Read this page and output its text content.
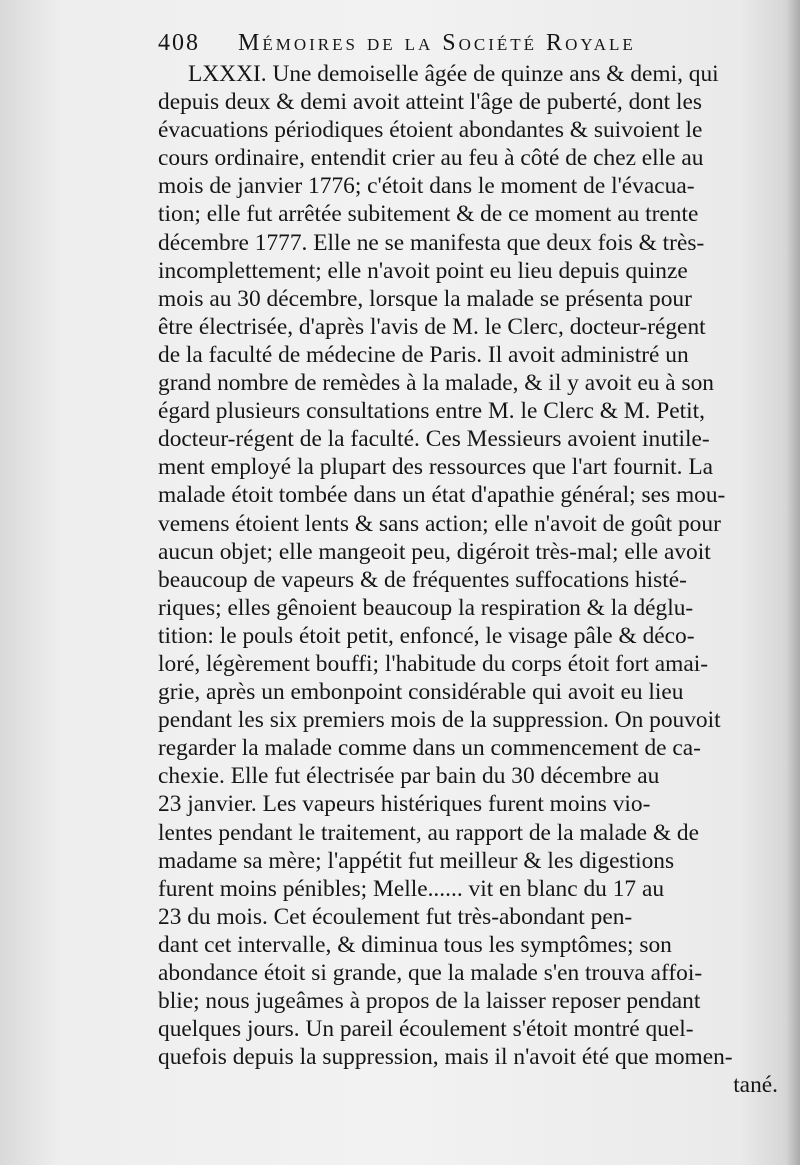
408 Mémoires de la Société Royale
LXXXI. Une demoiselle âgée de quinze ans & demi, qui
depuis deux & demi avoit atteint l'âge de puberté, dont les
évacuations périodiques étoient abondantes & suivoient le
cours ordinaire, entendit crier au feu à côté de chez elle au
mois de janvier 1776; c'étoit dans le moment de l'évacua-
tion; elle fut arrêtée subitement & de ce moment au trente
décembre 1777. Elle ne se manifesta que deux fois & très-
incomplettement; elle n'avoit point eu lieu depuis quinze
mois au 30 décembre, lorsque la malade se présenta pour
être électrisée, d'après l'avis de M. le Clerc, docteur-régent
de la faculté de médecine de Paris. Il avoit administré un
grand nombre de remèdes à la malade, & il y avoit eu à son
égard plusieurs consultations entre M. le Clerc & M. Petit,
docteur-régent de la faculté. Ces Messieurs avoient inutile-
ment employé la plupart des ressources que l'art fournit. La
malade étoit tombée dans un état d'apathie général; ses mou-
vemens étoient lents & sans action; elle n'avoit de goût pour
aucun objet; elle mangeoit peu, digéroit très-mal; elle avoit
beaucoup de vapeurs & de fréquentes suffocations histé-
riques; elles gênoient beaucoup la respiration & la déglu-
tition: le pouls étoit petit, enfoncé, le visage pâle & déco-
loré, légèrement bouffi; l'habitude du corps étoit fort amai-
grie, après un embonpoint considérable qui avoit eu lieu
pendant les six premiers mois de la suppression. On pouvoit
regarder la malade comme dans un commencement de ca-
chexie. Elle fut électrisée par bain du 30 décembre au
23 janvier. Les vapeurs histériques furent moins vio-
lentes pendant le traitement, au rapport de la malade & de
madame sa mère; l'appétit fut meilleur & les digestions
furent moins pénibles; Melle...... vit en blanc du 17 au
23 du mois. Cet écoulement fut très-abondant pen-
dant cet intervalle, & diminua tous les symptômes; son
abondance étoit si grande, que la malade s'en trouva affoi-
blie; nous jugeâmes à propos de la laisser reposer pendant
quelques jours. Un pareil écoulement s'étoit montré quel-
quefois depuis la suppression, mais il n'avoit été que momen-
tané.
